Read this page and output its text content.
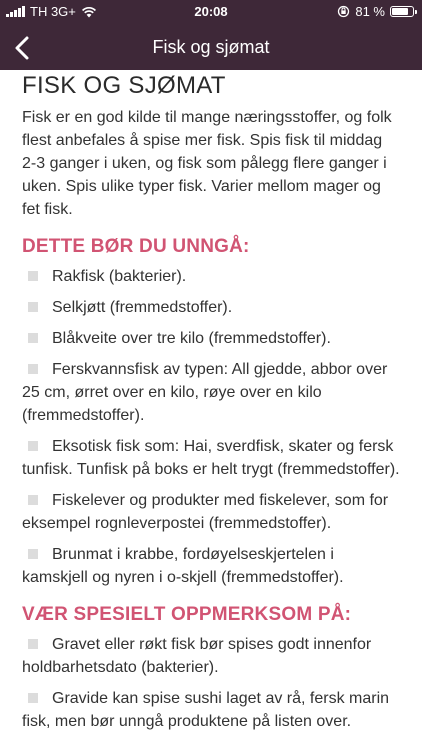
TH 3G+	20:08	81 %
Fisk og sjømat
FISK OG SJØMAT

Fisk er en god kilde til mange næringsstoffer, og folk flest anbefales å spise mer fisk. Spis fisk til middag 2-3 ganger i uken, og fisk som pålegg flere ganger i uken. Spis ulike typer fisk. Varier mellom mager og fet fisk.

DETTE BØR DU UNNGÅ:
Rakfisk (bakterier).
Selkjøtt (fremmedstoffer).
Blåkveite over tre kilo (fremmedstoffer).
Ferskvannsfisk av typen: All gjedde, abbor over 25 cm, ørret over en kilo, røye over en kilo (fremmedstoffer).
Eksotisk fisk som: Hai, sverdfisk, skater og fersk tunfisk. Tunfisk på boks er helt trygt (fremmedstoffer).
Fiskelever og produkter med fiskelever, som for eksempel rognleverpostei (fremmedstoffer).
Brunmat i krabbe, fordøyelseskjertelen i kamskjell og nyren i o-skjell (fremmedstoffer).
VÆR SPESIELT OPPMERKSOM PÅ:
Gravet eller røkt fisk bør spises godt innenfor holdbarhetsdato (bakterier).
Gravide kan spise sushi laget av rå, fersk marin fisk, men bør unngå produktene på listen over.
